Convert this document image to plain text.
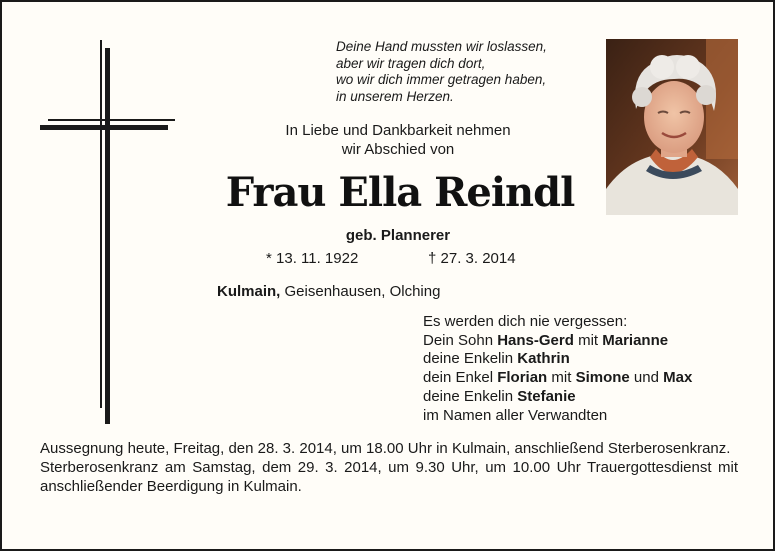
Deine Hand mussten wir loslassen,
aber wir tragen dich dort,
wo wir dich immer getragen haben,
in unserem Herzen.
In Liebe und Dankbarkeit nehmen
wir Abschied von
Frau Ella Reindl
geb. Plannerer
* 13. 11. 1922	† 27. 3. 2014
Kulmain, Geisenhausen, Olching
Es werden dich nie vergessen:
Dein Sohn Hans-Gerd mit Marianne
deine Enkelin Kathrin
dein Enkel Florian mit Simone und Max
deine Enkelin Stefanie
im Namen aller Verwandten

Aussegnung heute, Freitag, den 28. 3. 2014, um 18.00 Uhr in Kulmain, anschließend Sterberosenkranz.

Sterberosenkranz am Samstag, dem 29. 3. 2014, um 9.30 Uhr, um 10.00 Uhr Trauergottesdienst mit anschließender Beerdigung in Kulmain.
